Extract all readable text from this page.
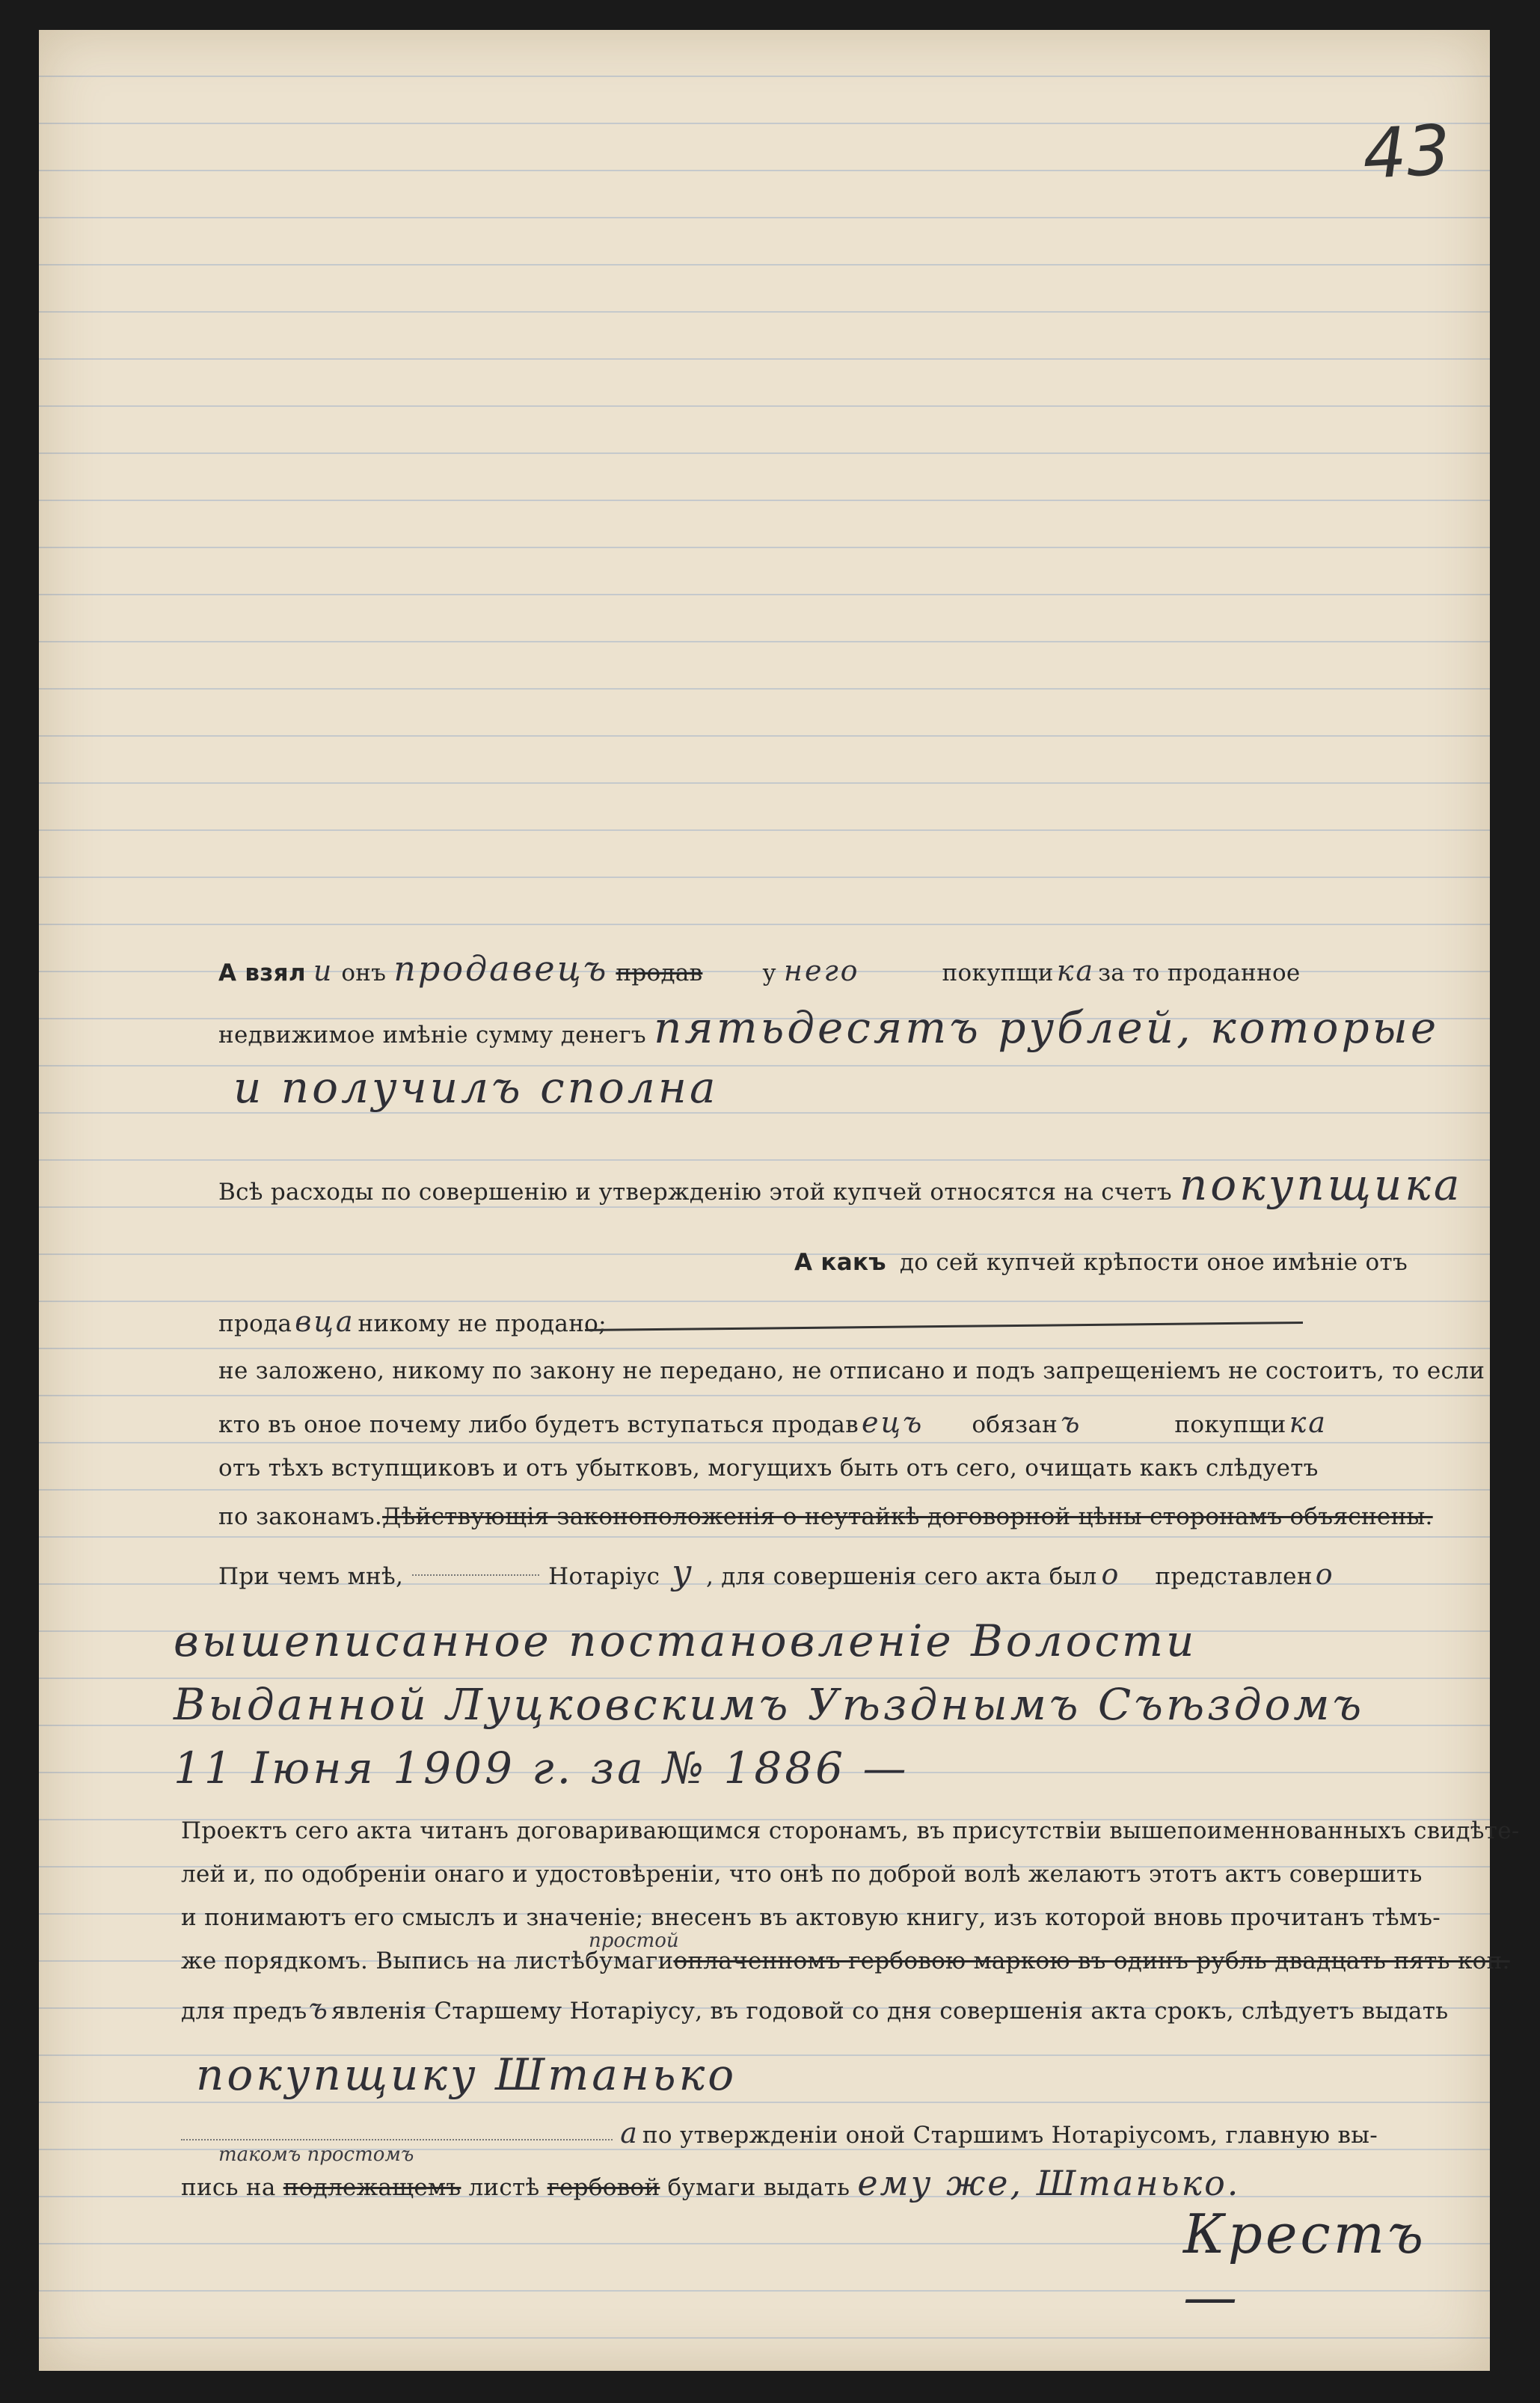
43
А взял и онъ продавецъ продав	у него	покупщи ка за то проданное
недвижимое имѣніе сумму денегъ пятьдесятъ рублей, которые
и получилъ сполна
Всѣ расходы по совершенію и утвержденію этой купчей относятся на счетъ покупщика
А какъ до сей купчей крѣпости оное имѣніе отъ
прода вца никому не продано;
не заложено, никому по закону не передано, не отписано и подъ запрещеніемъ не состоитъ, то если
кто въ оное почему либо будетъ вступаться продав ецъ обязан ъ	покупщи ка
отъ тѣхъ вступщиковъ и отъ убытковъ, могущихъ быть отъ сего, очищать какъ слѣдуетъ
по законамъ. Дѣйствующія законоположенія о неутайкѣ договорной цѣны сторонамъ объяснены.
При чемъ мнѣ,	Нотаріус у , для совершенія сего акта был о представлен о
вышеписанное постановленіе Волости
Выданной Луцковскимъ Уѣзднымъ Съѣздомъ
11 Іюня 1909 г. за № 1886 —
Проектъ сего акта читанъ договаривающимся сторонамъ, въ присутствіи вышепоименнованныхъ свидѣте-
лей и, по одобреніи онаго и удостовѣреніи, что онѣ по доброй волѣ желаютъ этотъ актъ совершить
и понимаютъ его смыслъ и значеніе; внесенъ въ актовую книгу, изъ которой вновь прочитанъ тѣмъ-
же порядкомъ. Выпись на листѣ бумаги оплаченномъ гербовою маркою въ одинъ рубль двадцать пять коп.
простой
для предъ ъ явленія Старшему Нотаріусу, въ годовой со дня совершенія акта срокъ, слѣдуетъ выдать
покупщику Штанько
а по утвержденіи оной Старшимъ Нотаріусомъ, главную вы-
пись на подлежащемъ листѣ гербовой бумаги выдать ему же, Штанько.
такомъ простомъ
Крестъ —
